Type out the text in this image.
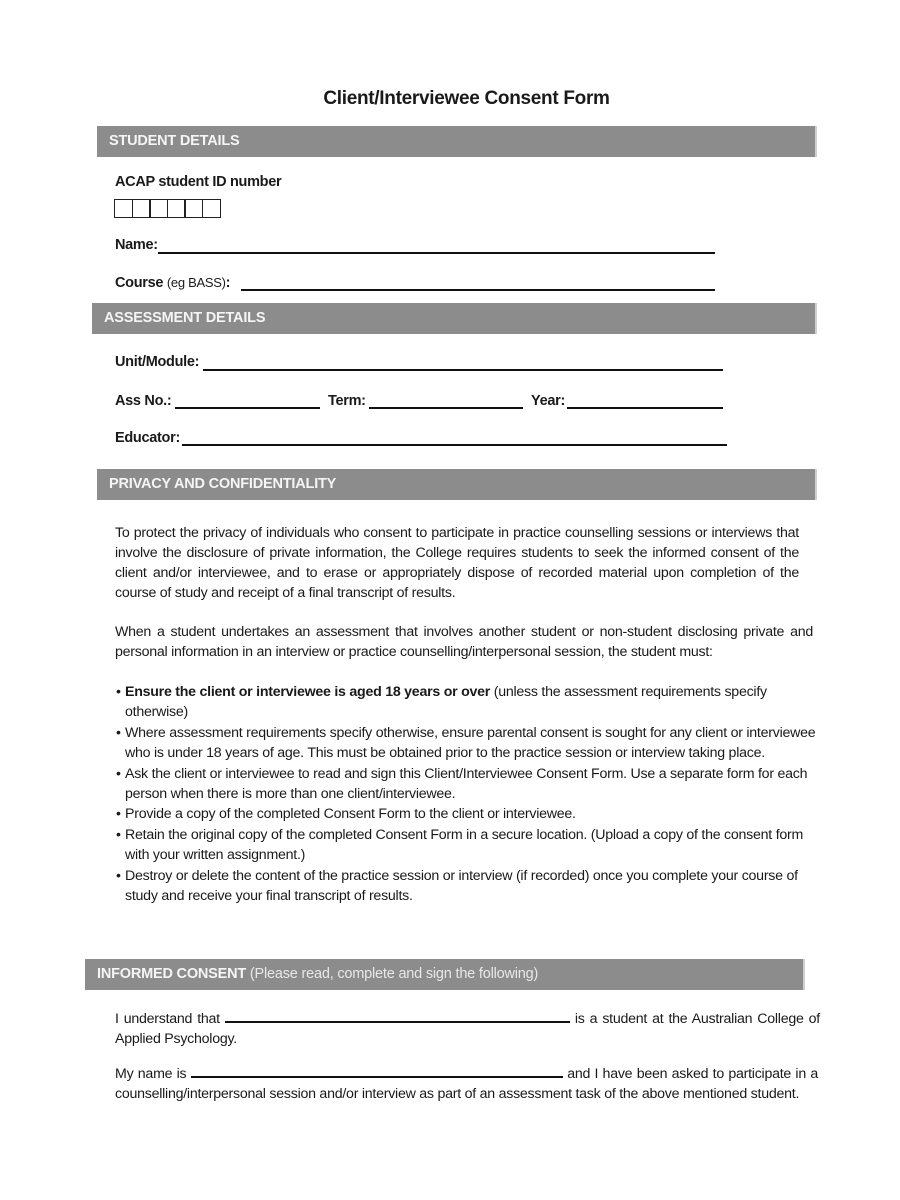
Client/Interviewee Consent Form
STUDENT DETAILS
ACAP student ID number
Name:
Course (eg BASS):
ASSESSMENT DETAILS
Unit/Module:
Ass No.:	Term:	Year:
Educator:
PRIVACY AND CONFIDENTIALITY
To protect the privacy of individuals who consent to participate in practice counselling sessions or interviews that involve the disclosure of private information, the College requires students to seek the informed consent of the client and/or interviewee, and to erase or appropriately dispose of recorded material upon completion of the course of study and receipt of a final transcript of results.
When a student undertakes an assessment that involves another student or non-student disclosing private and personal information in an interview or practice counselling/interpersonal session, the student must:
• Ensure the client or interviewee is aged 18 years or over (unless the assessment requirements specify otherwise)
• Where assessment requirements specify otherwise, ensure parental consent is sought for any client or interviewee who is under 18 years of age. This must be obtained prior to the practice session or interview taking place.
• Ask the client or interviewee to read and sign this Client/Interviewee Consent Form. Use a separate form for each person when there is more than one client/interviewee.
• Provide a copy of the completed Consent Form to the client or interviewee.
• Retain the original copy of the completed Consent Form in a secure location. (Upload a copy of the consent form with your written assignment.)
• Destroy or delete the content of the practice session or interview (if recorded) once you complete your course of study and receive your final transcript of results.
INFORMED CONSENT (Please read, complete and sign the following)
I understand that	is a student at the Australian College of Applied Psychology.
My name is	and I have been asked to participate in a counselling/interpersonal session and/or interview as part of an assessment task of the above mentioned student.
